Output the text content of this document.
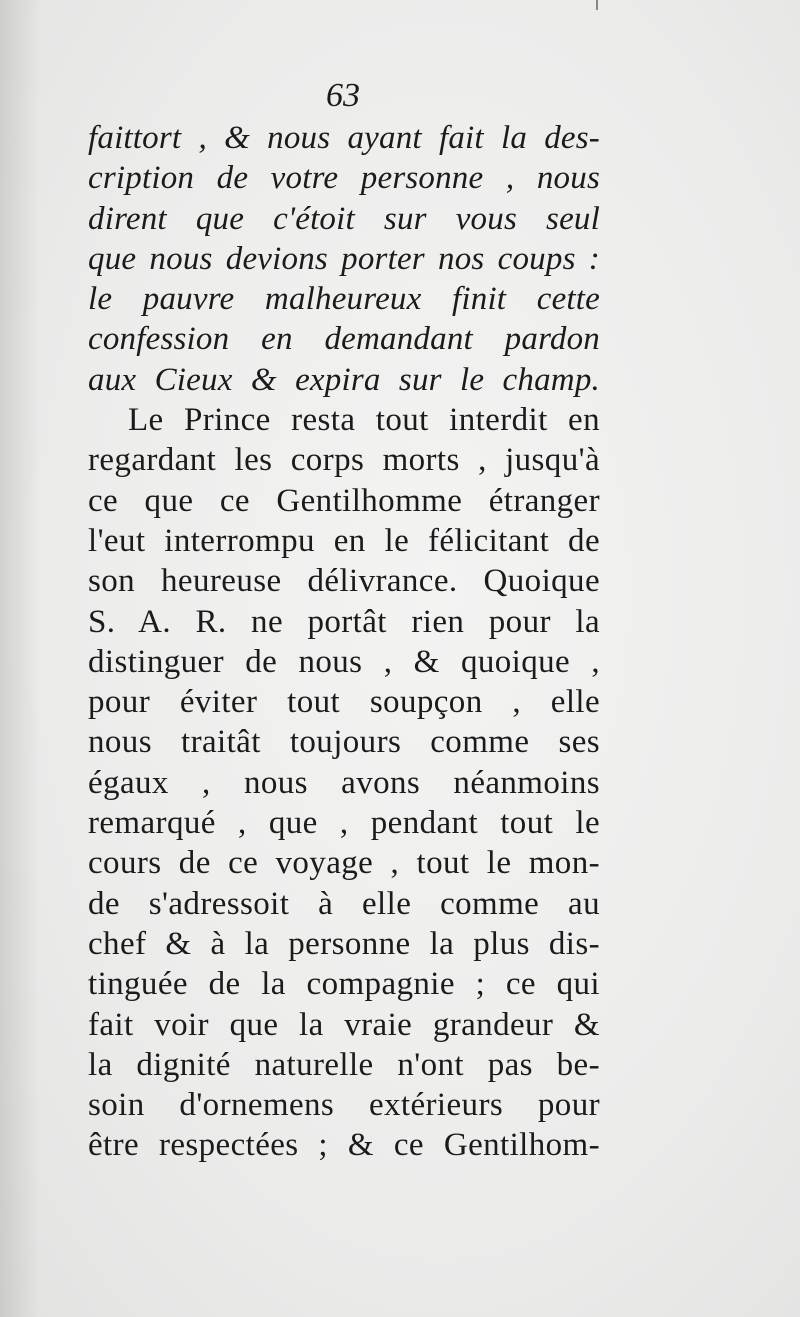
63
faittort , & nous ayant fait la des-
cription de votre personne , nous
dirent que c'étoit sur vous seul
que nous devions porter nos coups :
le pauvre malheureux finit cette
confession en demandant pardon
aux Cieux & expira sur le champ.
Le Prince resta tout interdit en
regardant les corps morts , jusqu'à
ce que ce Gentilhomme étranger
l'eut interrompu en le félicitant de
son heureuse délivrance. Quoique
S. A. R. ne portât rien pour la
distinguer de nous , & quoique ,
pour éviter tout soupçon , elle
nous traitât toujours comme ses
égaux , nous avons néanmoins
remarqué , que , pendant tout le
cours de ce voyage , tout le mon-
de s'adressoit à elle comme au
chef & à la personne la plus dis-
tinguée de la compagnie ; ce qui
fait voir que la vraie grandeur &
la dignité naturelle n'ont pas be-
soin d'ornemens extérieurs pour
être respectées ; & ce Gentilhom-
